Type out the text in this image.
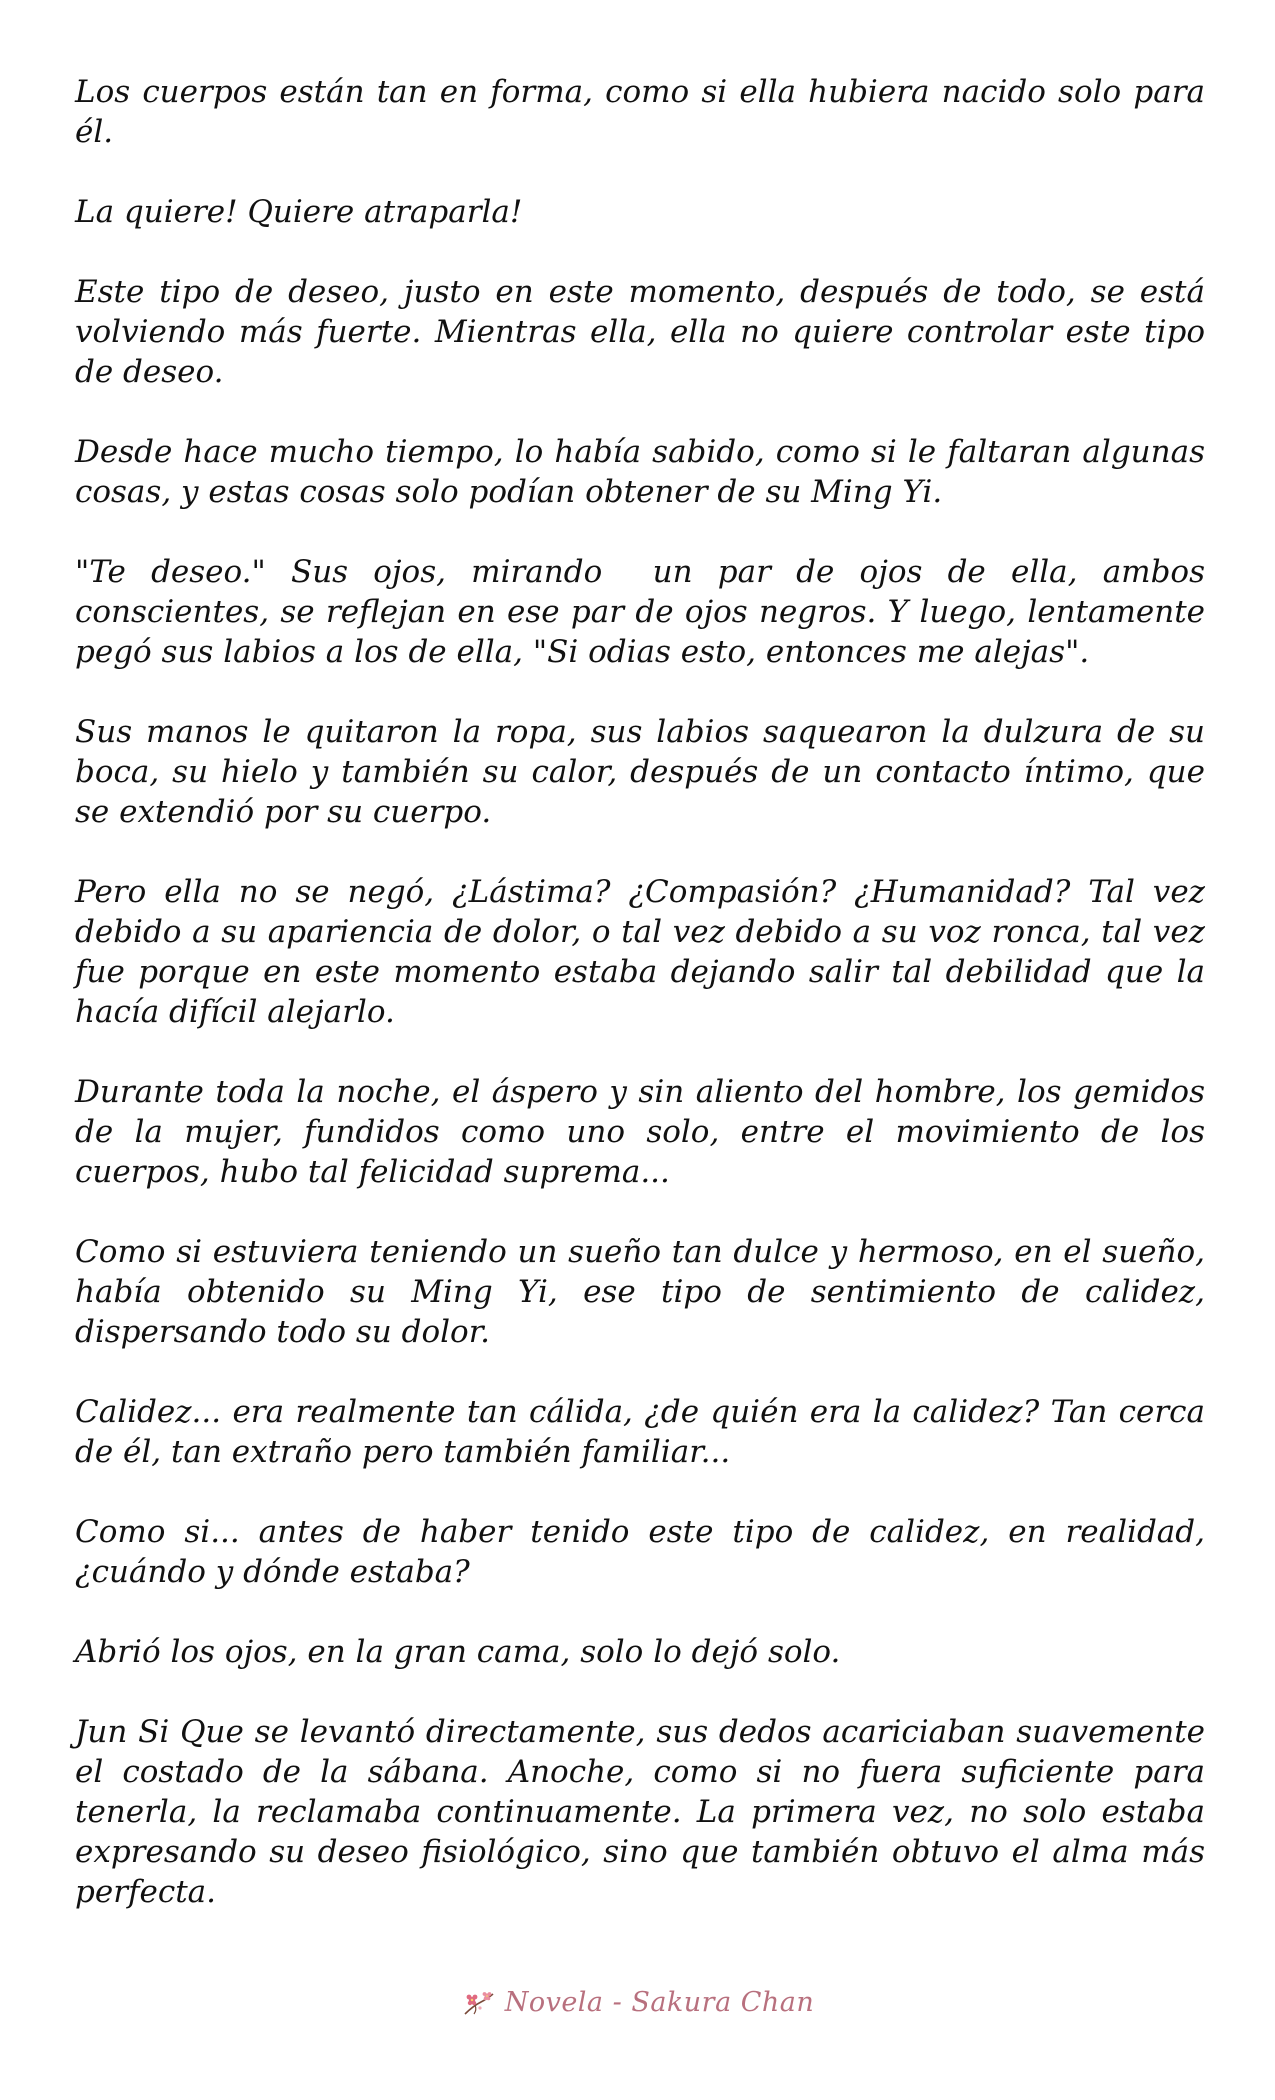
Los cuerpos están tan en forma, como si ella hubiera nacido solo para él.

La quiere! Quiere atraparla!

Este tipo de deseo, justo en este momento, después de todo, se está volviendo más fuerte. Mientras ella, ella no quiere controlar este tipo de deseo.

Desde hace mucho tiempo, lo había sabido, como si le faltaran algunas cosas, y estas cosas solo podían obtener de su Ming Yi.

"Te deseo." Sus ojos, mirando  un par de ojos de ella, ambos conscientes, se reflejan en ese par de ojos negros. Y luego, lentamente pegó sus labios a los de ella, "Si odias esto, entonces me alejas".

Sus manos le quitaron la ropa, sus labios saquearon la dulzura de su boca, su hielo y también su calor, después de un contacto íntimo, que se extendió por su cuerpo.

Pero ella no se negó, ¿Lástima? ¿Compasión? ¿Humanidad? Tal vez debido a su apariencia de dolor, o tal vez debido a su voz ronca, tal vez fue porque en este momento estaba dejando salir tal debilidad que la hacía difícil alejarlo.

Durante toda la noche, el áspero y sin aliento del hombre, los gemidos de la mujer, fundidos como uno solo, entre el movimiento de los cuerpos, hubo tal felicidad suprema...

Como si estuviera teniendo un sueño tan dulce y hermoso, en el sueño, había obtenido su Ming Yi, ese tipo de sentimiento de calidez, dispersando todo su dolor.

Calidez... era realmente tan cálida, ¿de quién era la calidez? Tan cerca de él, tan extraño pero también familiar...

Como si... antes de haber tenido este tipo de calidez, en realidad, ¿cuándo y dónde estaba?

Abrió los ojos, en la gran cama, solo lo dejó solo.

Jun Si Que se levantó directamente, sus dedos acariciaban suavemente el costado de la sábana. Anoche, como si no fuera suficiente para tenerla, la reclamaba continuamente. La primera vez, no solo estaba expresando su deseo fisiológico, sino que también obtuvo el alma más perfecta.

Novela - Sakura Chan
